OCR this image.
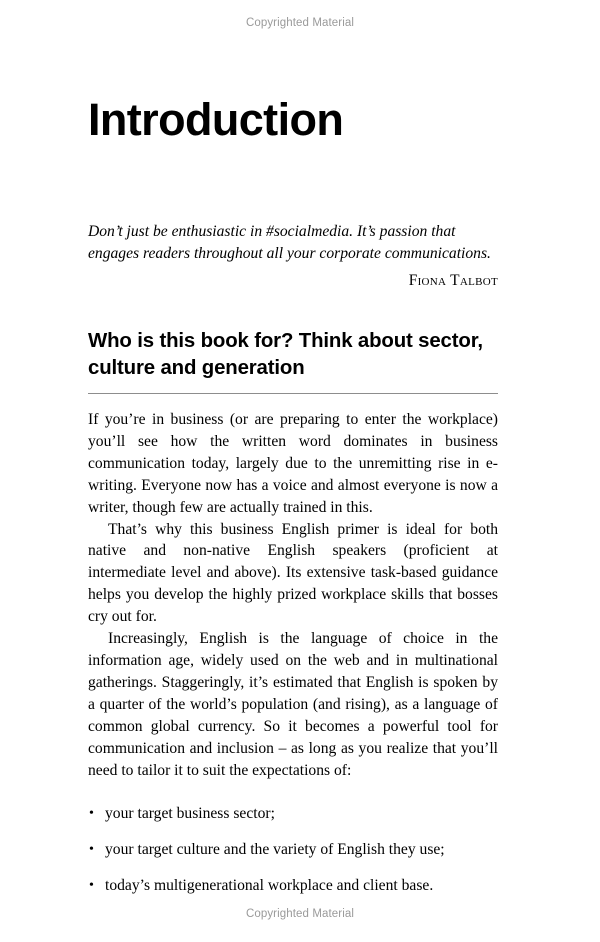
Copyrighted Material
Introduction

Don’t just be enthusiastic in #socialmedia. It’s passion that engages readers throughout all your corporate communications.

Fiona Talbot
Who is this book for? Think about sector, culture and generation

If you’re in business (or are preparing to enter the workplace) you’ll see how the written word dominates in business communication today, largely due to the unremitting rise in e-writing. Everyone now has a voice and almost everyone is now a writer, though few are actually trained in this.

That’s why this business English primer is ideal for both native and non-native English speakers (proficient at intermediate level and above). Its extensive task-based guidance helps you develop the highly prized workplace skills that bosses cry out for.

Increasingly, English is the language of choice in the information age, widely used on the web and in multinational gatherings. Staggeringly, it’s estimated that English is spoken by a quarter of the world’s population (and rising), as a language of common global currency. So it becomes a powerful tool for communication and inclusion – as long as you realize that you’ll need to tailor it to suit the expectations of:

• your target business sector;
• your target culture and the variety of English they use;
• today’s multigenerational workplace and client base.
Copyrighted Material
